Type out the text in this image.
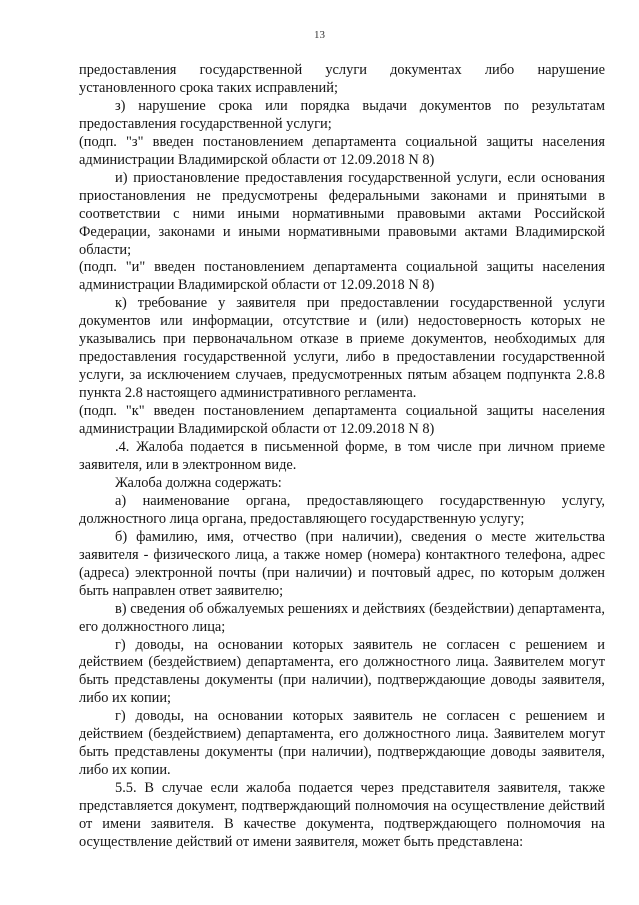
13

предоставления государственной услуги документах либо нарушение установленного срока таких исправлений;

з) нарушение срока или порядка выдачи документов по результатам предоставления государственной услуги;

(подп. "з" введен постановлением департамента социальной защиты населения администрации Владимирской области от 12.09.2018 N 8)

и) приостановление предоставления государственной услуги, если основания приостановления не предусмотрены федеральными законами и принятыми в соответствии с ними иными нормативными правовыми актами Российской Федерации, законами и иными нормативными правовыми актами Владимирской области;

(подп. "и" введен постановлением департамента социальной защиты населения администрации Владимирской области от 12.09.2018 N 8)

к) требование у заявителя при предоставлении государственной услуги документов или информации, отсутствие и (или) недостоверность которых не указывались при первоначальном отказе в приеме документов, необходимых для предоставления государственной услуги, либо в предоставлении государственной услуги, за исключением случаев, предусмотренных пятым абзацем подпункта 2.8.8 пункта 2.8 настоящего административного регламента.

(подп. "к" введен постановлением департамента социальной защиты населения администрации Владимирской области от 12.09.2018 N 8)

.4. Жалоба подается в письменной форме, в том числе при личном приеме заявителя, или в электронном виде.

Жалоба должна содержать:

а) наименование органа, предоставляющего государственную услугу, должностного лица органа, предоставляющего государственную услугу;

б) фамилию, имя, отчество (при наличии), сведения о месте жительства заявителя - физического лица, а также номер (номера) контактного телефона, адрес (адреса) электронной почты (при наличии) и почтовый адрес, по которым должен быть направлен ответ заявителю;

в) сведения об обжалуемых решениях и действиях (бездействии) департамента, его должностного лица;

г) доводы, на основании которых заявитель не согласен с решением и действием (бездействием) департамента, его должностного лица. Заявителем могут быть представлены документы (при наличии), подтверждающие доводы заявителя, либо их копии;

г) доводы, на основании которых заявитель не согласен с решением и действием (бездействием) департамента, его должностного лица. Заявителем могут быть представлены документы (при наличии), подтверждающие доводы заявителя, либо их копии.

5.5. В случае если жалоба подается через представителя заявителя, также представляется документ, подтверждающий полномочия на осуществление действий от имени заявителя. В качестве документа, подтверждающего полномочия на осуществление действий от имени заявителя, может быть представлена:
